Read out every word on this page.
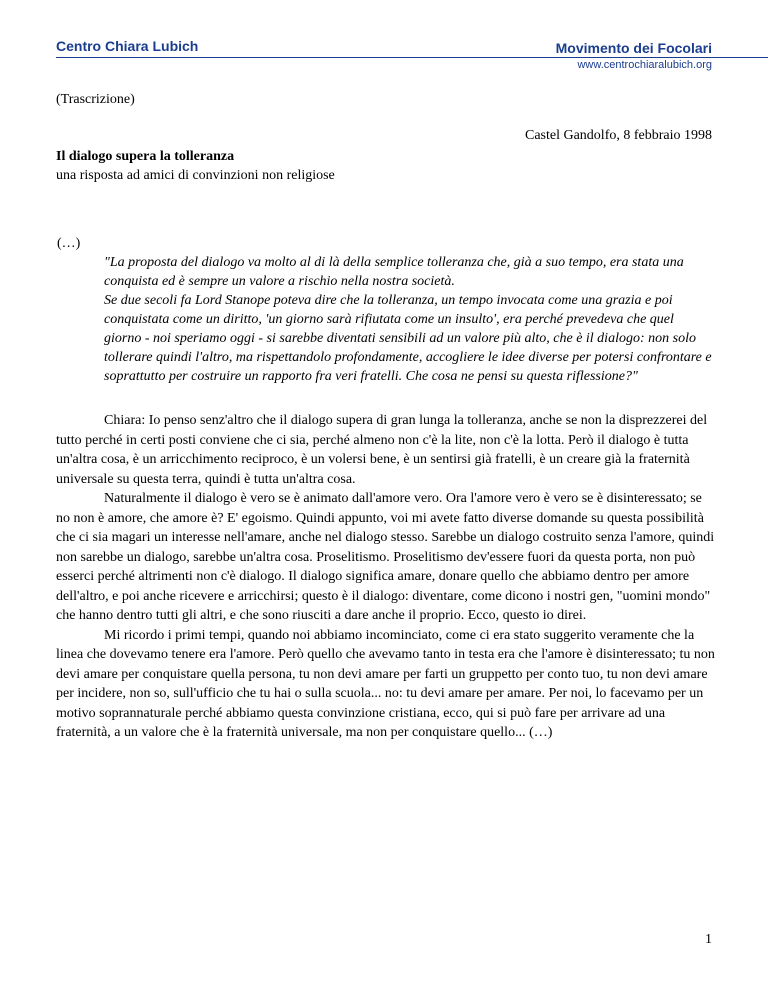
Centro Chiara Lubich	Movimento dei Focolari
www.centrochiaralubich.org
(Trascrizione)
Castel Gandolfo, 8 febbraio 1998
Il dialogo supera la tolleranza
una risposta ad amici di convinzioni non religiose
(…)

"La proposta del dialogo va molto al di là della semplice tolleranza che, già a suo tempo, era stata una conquista ed è sempre un valore a rischio nella nostra società.

Se due secoli fa Lord Stanope poteva dire che la tolleranza, un tempo invocata come una grazia e poi conquistata come un diritto, 'un giorno sarà rifiutata come un insulto', era perché prevedeva che quel giorno - noi speriamo oggi - si sarebbe diventati sensibili ad un valore più alto, che è il dialogo: non solo tollerare quindi l'altro, ma rispettandolo profondamente, accogliere le idee diverse per potersi confrontare e soprattutto per costruire un rapporto fra veri fratelli. Che cosa ne pensi su questa riflessione?"

Chiara: Io penso senz'altro che il dialogo supera di gran lunga la tolleranza, anche se non la disprezzerei del tutto perché in certi posti conviene che ci sia, perché almeno non c'è la lite, non c'è la lotta. Però il dialogo è tutta un'altra cosa, è un arricchimento reciproco, è un volersi bene, è un sentirsi già fratelli, è un creare già la fraternità universale su questa terra, quindi è tutta un'altra cosa.

Naturalmente il dialogo è vero se è animato dall'amore vero. Ora l'amore vero è vero se è disinteressato; se no non è amore, che amore è? E' egoismo. Quindi appunto, voi mi avete fatto diverse domande su questa possibilità che ci sia magari un interesse nell'amare, anche nel dialogo stesso. Sarebbe un dialogo costruito senza l'amore, quindi non sarebbe un dialogo, sarebbe un'altra cosa. Proselitismo. Proselitismo dev'essere fuori da questa porta, non può esserci perché altrimenti non c'è dialogo. Il dialogo significa amare, donare quello che abbiamo dentro per amore dell'altro, e poi anche ricevere e arricchirsi; questo è il dialogo: diventare, come dicono i nostri gen, "uomini mondo" che hanno dentro tutti gli altri, e che sono riusciti a dare anche il proprio. Ecco, questo io direi.

Mi ricordo i primi tempi, quando noi abbiamo incominciato, come ci era stato suggerito veramente che la linea che dovevamo tenere era l'amore. Però quello che avevamo tanto in testa era che l'amore è disinteressato; tu non devi amare per conquistare quella persona, tu non devi amare per farti un gruppetto per conto tuo, tu non devi amare per incidere, non so, sull'ufficio che tu hai o sulla scuola... no: tu devi amare per amare. Per noi, lo facevamo per un motivo soprannaturale perché abbiamo questa convinzione cristiana, ecco, qui si può fare per arrivare ad una fraternità, a un valore che è la fraternità universale, ma non per conquistare quello... (…)

1
